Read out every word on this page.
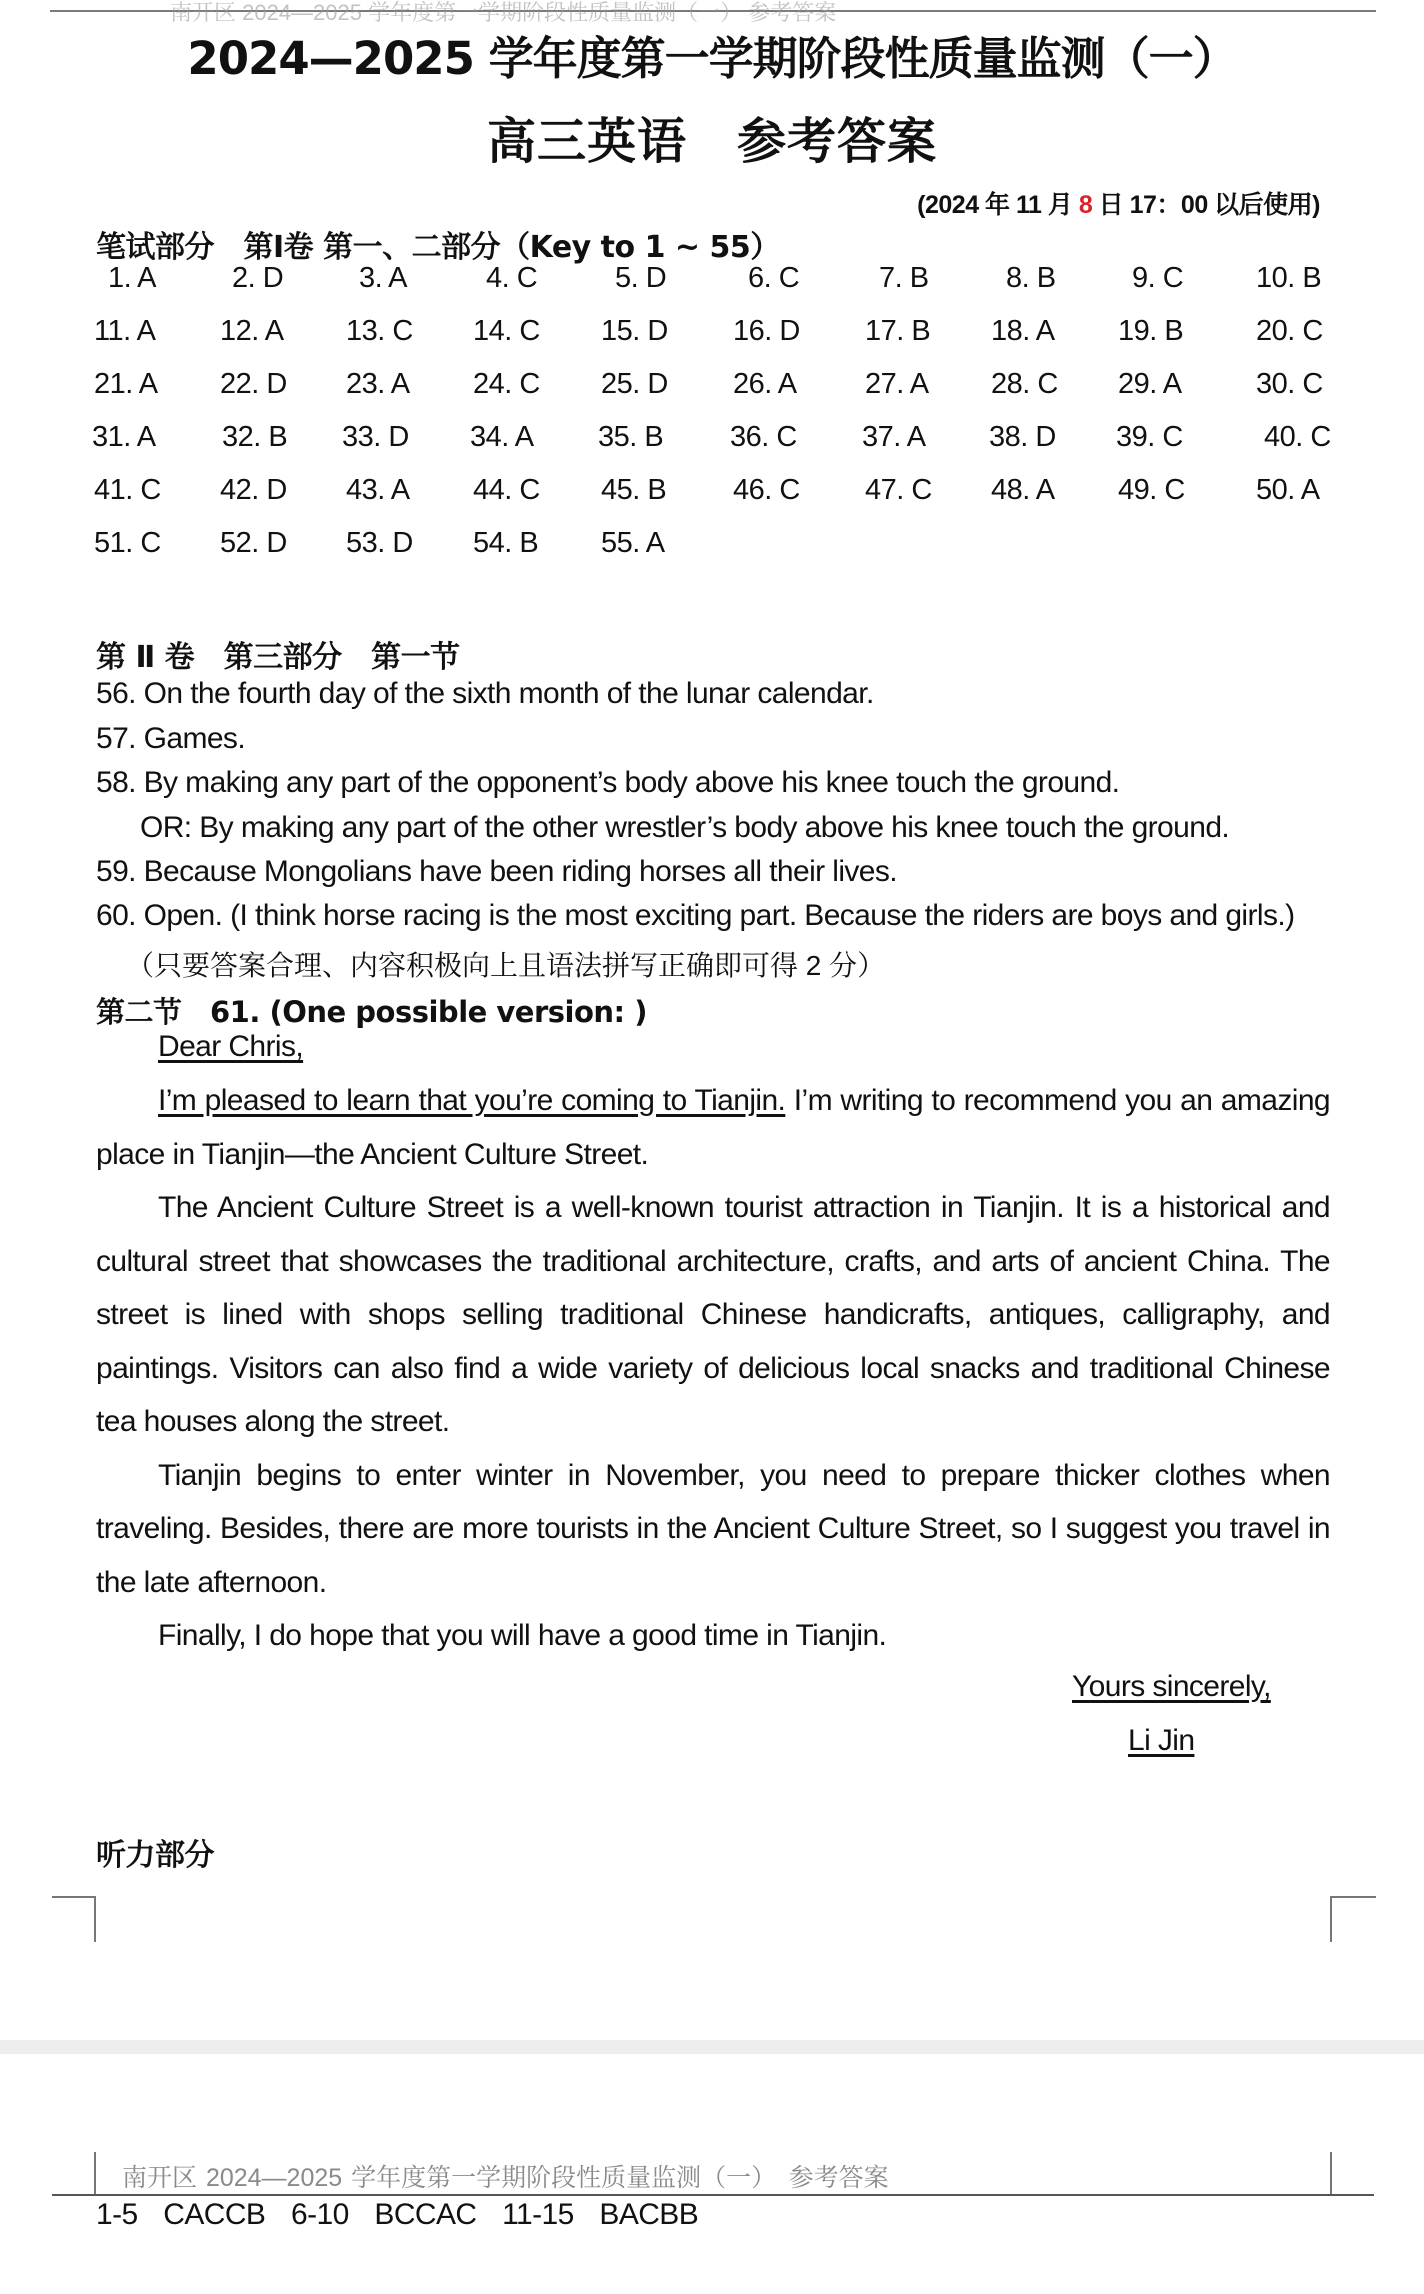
南开区 2024—2025 学年度第一学期阶段性质量监测（一） 参考答案
2024—2025 学年度第一学期阶段性质量监测（一）
高三英语　参考答案
(2024 年 11 月 8 日 17：00 以后使用)
笔试部分　第Ⅰ卷 第一、二部分（Key to 1 ~ 55）
1. A	2. D	3. A	4. C	5. D	6. C	7. B	8. B	9. C	10. B
11. A 12. A 13. C 14. C 15. D 16. D 17. B 18. A 19. B	20. C
21. A 22. D 23. A 24. C 25. D 26. A 27. A 28. C 29. A	30. C
31. A 32. B 33. D 34. A 35. B 36. C 37. A 38. D 39. C	40. C
41. C 42. D 43. A 44. C 45. B 46. C 47. C 48. A 49. C 50. A
51. C 52. D 53. D 54. B 55. A
第 Ⅱ 卷　第三部分　第一节
56. On the fourth day of the sixth month of the lunar calendar.
57. Games.
58. By making any part of the opponent’s body above his knee touch the ground.
OR: By making any part of the other wrestler’s body above his knee touch the ground.
59. Because Mongolians have been riding horses all their lives.
60. Open. (I think horse racing is the most exciting part. Because the riders are boys and girls.)
（只要答案合理、内容积极向上且语法拼写正确即可得 2 分）
第二节　61. (One possible version: )
Dear Chris,

I’m pleased to learn that you’re coming to Tianjin. I’m writing to recommend you an amazing place in Tianjin—the Ancient Culture Street.

The Ancient Culture Street is a well-known tourist attraction in Tianjin. It is a historical and cultural street that showcases the traditional architecture, crafts, and arts of ancient China. The street is lined with shops selling traditional Chinese handicrafts, antiques, calligraphy, and paintings. Visitors can also find a wide variety of delicious local snacks and traditional Chinese tea houses along the street.

Tianjin begins to enter winter in November, you need to prepare thicker clothes when traveling. Besides, there are more tourists in the Ancient Culture Street, so I suggest you travel in the late afternoon.

Finally, I do hope that you will have a good time in Tianjin.

Yours sincerely,
Li Jin
听力部分
南开区 2024—2025 学年度第一学期阶段性质量监测（一）　参考答案
1-5 CACCB 6-10 BCCAC 11-15 BACBB
